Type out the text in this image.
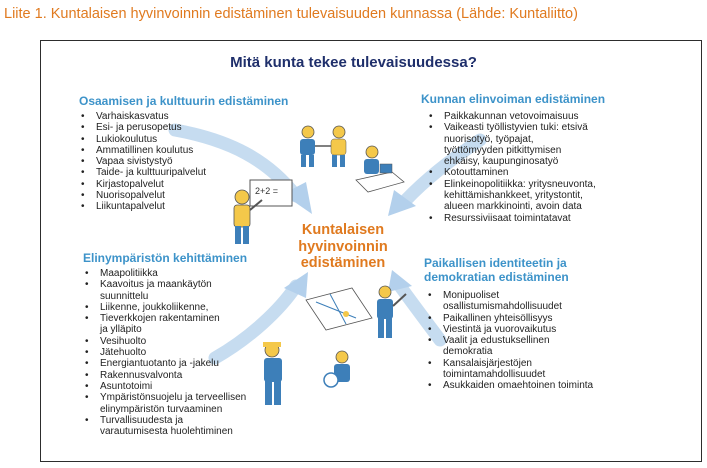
Liite 1. Kuntalaisen hyvinvoinnin edistäminen tulevaisuuden kunnassa (Lähde: Kuntaliitto)
Mitä kunta tekee tulevaisuudessa?
2+2 =
Kuntalaisen
hyvinvoinnin
edistäminen
Osaamisen ja kulttuurin edistäminen
• Varhaiskasvatus
• Esi- ja perusopetus
• Lukiokoulutus
• Ammatillinen koulutus
• Vapaa sivistystyö
• Taide- ja kulttuuripalvelut
• Kirjastopalvelut
• Nuorisopalvelut
• Liikuntapalvelut
Kunnan elinvoiman edistäminen
• Paikkakunnan vetovoimaisuus
• Vaikeasti työllistyvien tuki: etsivä
nuorisotyö, työpajat,
työttömyyden pitkittymisen
ehkäisy, kaupunginosatyö
• Kotouttaminen
• Elinkeinopolitiikka: yritysneuvonta,
kehittämishankkeet, yritystontit,
alueen markkinointi, avoin data
• Resurssiviisaat toimintatavat
Elinympäristön kehittäminen
• Maapolitiikka
• Kaavoitus ja maankäytön
suunnittelu
• Liikenne, joukkoliikenne,
• Tieverkkojen rakentaminen
ja ylläpito
• Vesihuolto
• Jätehuolto
• Energiantuotanto ja -jakelu
• Rakennusvalvonta
• Asuntotoimi
• Ympäristönsuojelu ja terveellisen
elinympäristön turvaaminen
• Turvallisuudesta ja
varautumisesta huolehtiminen
Paikallisen identiteetin ja
demokratian edistäminen
• Monipuoliset
osallistumismahdollisuudet
• Paikallinen yhteisöllisyys
• Viestintä ja vuorovaikutus
• Vaalit ja edustuksellinen
demokratia
• Kansalaisjärjestöjen
toimintamahdollisuudet
• Asukkaiden omaehtoinen toiminta
